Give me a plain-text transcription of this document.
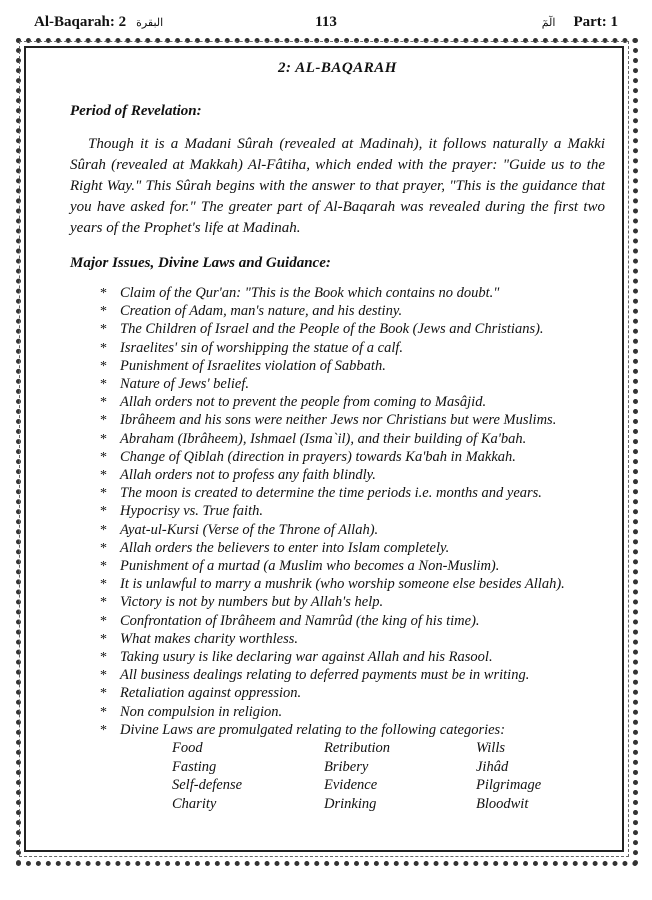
Al-Baqarah: 2 البقرة	113	الٓمٓ Part: 1
2: AL-BAQARAH
Period of Revelation:
Though it is a Madani Sûrah (revealed at Madinah), it follows naturally a Makki Sûrah (revealed at Makkah) Al-Fâtiha, which ended with the prayer: "Guide us to the Right Way." This Sûrah begins with the answer to that prayer, "This is the guidance that you have asked for." The greater part of Al-Baqarah was revealed during the first two years of the Prophet's life at Madinah.
Major Issues, Divine Laws and Guidance:
* Claim of the Qur'an: "This is the Book which contains no doubt."
* Creation of Adam, man's nature, and his destiny.
* The Children of Israel and the People of the Book (Jews and Christians).
* Israelites' sin of worshipping the statue of a calf.
* Punishment of Israelites violation of Sabbath.
* Nature of Jews' belief.
* Allah orders not to prevent the people from coming to Masâjid.
* Ibrâheem and his sons were neither Jews nor Christians but were Muslims.
* Abraham (Ibrâheem), Ishmael (Isma`il), and their building of Ka'bah.
* Change of Qiblah (direction in prayers) towards Ka'bah in Makkah.
* Allah orders not to profess any faith blindly.
* The moon is created to determine the time periods i.e. months and years.
* Hypocrisy vs. True faith.
* Ayat-ul-Kursi (Verse of the Throne of Allah).
* Allah orders the believers to enter into Islam completely.
* Punishment of a murtad (a Muslim who becomes a Non-Muslim).
* It is unlawful to marry a mushrik (who worship someone else besides Allah).
* Victory is not by numbers but by Allah's help.
* Confrontation of Ibrâheem and Namrûd (the king of his time).
* What makes charity worthless.
* Taking usury is like declaring war against Allah and his Rasool.
* All business dealings relating to deferred payments must be in writing.
* Retaliation against oppression.
* Non compulsion in religion.
* Divine Laws are promulgated relating to the following categories:
Food	Retribution	Wills
Fasting	Bribery	Jihâd
Self-defense	Evidence	Pilgrimage
Charity	Drinking	Bloodwit
